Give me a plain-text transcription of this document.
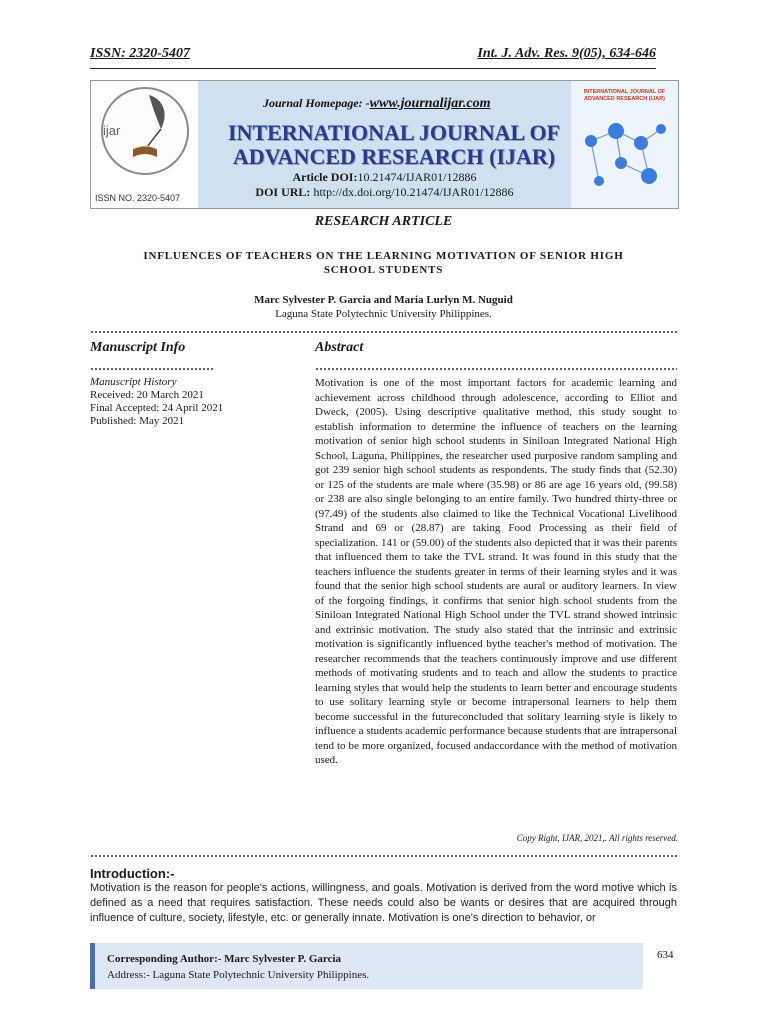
ISSN: 2320-5407	Int. J. Adv. Res. 9(05), 634-646
ijar
ISSN NO. 2320-5407
Journal Homepage: -www.journalijar.com
INTERNATIONAL JOURNAL OF
ADVANCED RESEARCH (IJAR)
Article DOI:10.21474/IJAR01/12886
DOI URL: http://dx.doi.org/10.21474/IJAR01/12886
INTERNATIONAL JOURNAL OF ADVANCED RESEARCH (IJAR)
RESEARCH ARTICLE
INFLUENCES OF TEACHERS ON THE LEARNING MOTIVATION OF SENIOR HIGH SCHOOL STUDENTS
Marc Sylvester P. Garcia and Maria Lurlyn M. Nuguid
Laguna State Polytechnic University Philippines.
Manuscript Info	Abstract
Manuscript History
Received: 20 March 2021
Final Accepted: 24 April 2021
Published: May 2021
Motivation is one of the most important factors for academic learning and achievement across childhood through adolescence, according to Elliot and Dweck, (2005). Using descriptive qualitative method, this study sought to establish information to determine the influence of teachers on the learning motivation of senior high school students in Siniloan Integrated National High School, Laguna, Philippines, the researcher used purposive random sampling and got 239 senior high school students as respondents. The study finds that (52.30) or 125 of the students are male where (35.98) or 86 are age 16 years old, (99.58) or 238 are also single belonging to an entire family. Two hundred thirty-three or (97.49) of the students also claimed to like the Technical Vocational Livelihood Strand and 69 or (28.87) are taking Food Processing as their field of specialization. 141 or (59.00) of the students also depicted that it was their parents that influenced them to take the TVL strand. It was found in this study that the teachers influence the students greater in terms of their learning styles and it was found that the senior high school students are aural or auditory learners. In view of the forgoing findings, it confirms that senior high school students from the Siniloan Integrated National High School under the TVL strand showed intrinsic and extrinsic motivation. The study also stated that the intrinsic and extrinsic motivation is significantly influenced bythe teacher's method of motivation. The researcher recommends that the teachers continuously improve and use different methods of motivating students and to teach and allow the students to practice learning styles that would help the students to learn better and encourage students to use solitary learning style or become intrapersonal learners to help them become successful in the futureconcluded that solitary learning style is likely to influence a students academic performance because students that are intrapersonal tend to be more organized, focused andaccordance with the method of motivation used.
Copy Right, IJAR, 2021,. All rights reserved.
Introduction:-
Motivation is the reason for people's actions, willingness, and goals. Motivation is derived from the word motive which is defined as a need that requires satisfaction. These needs could also be wants or desires that are acquired through influence of culture, society, lifestyle, etc. or generally innate. Motivation is one's direction to behavior, or
Corresponding Author:- Marc Sylvester P. Garcia
Address:- Laguna State Polytechnic University Philippines.
634
